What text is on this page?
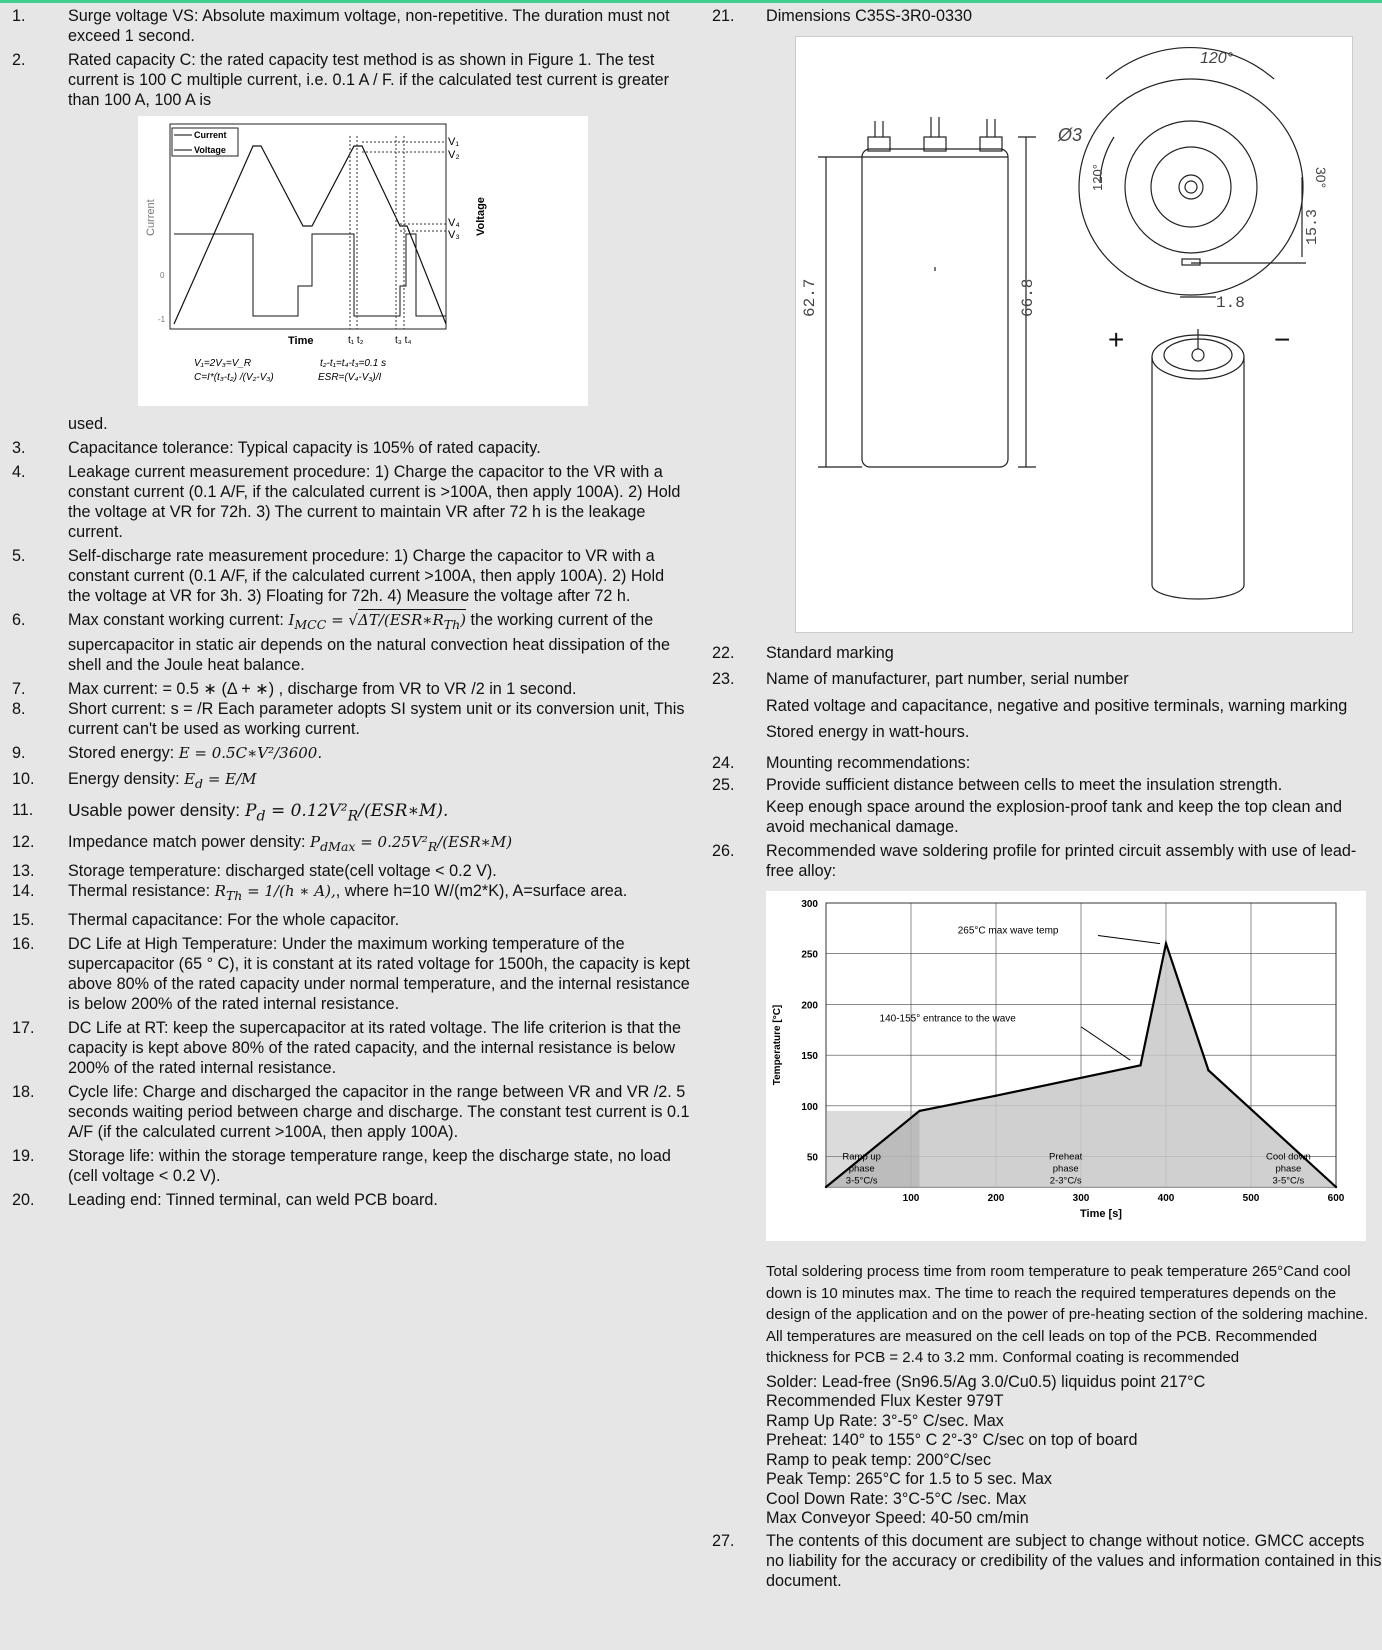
1.	Surge voltage VS: Absolute maximum voltage, non-repetitive. The duration must not exceed 1 second.
2.	Rated capacity C: the rated capacity test method is as shown in Figure 1. The test current is 100 C multiple current, i.e. 0.1 A / F. if the calculated test current is greater than 100 A, 100 A is
Current
Voltage
V₁
V₂
V₄
V₃
Current	Voltage
0
-1
Time	t₁ t₂	t₃ t₄
V₁=2V₃=V_R
C=I*(t₃-t₂) /(V₂-V₃)
t₂-t₁=t₄-t₃=0.1 s
ESR=(V₄-V₃)/I
used.
3.	Capacitance tolerance: Typical capacity is 105% of rated capacity.
4.	Leakage current measurement procedure: 1) Charge the capacitor to the VR with a constant current (0.1 A/F, if the calculated current is >100A, then apply 100A). 2) Hold the voltage at VR for 72h. 3) The current to maintain VR after 72 h is the leakage current.
5.	Self-discharge rate measurement procedure: 1) Charge the capacitor to VR with a constant current (0.1 A/F, if the calculated current >100A, then apply 100A). 2) Hold the voltage at VR for 3h. 3) Floating for 72h. 4) Measure the voltage after 72 h.
6.	Max constant working current: $I_{MCC}$ = $√\Delta T/(ESR∗R_{Th})$ the working current of the supercapacitor in static air depends on the natural convection heat dissipation of the shell and the Joule heat balance.
7.	Max current: = 0.5 ∗ (Δ + ∗) , discharge from VR to VR /2 in 1 second.
8.	Short current: s = /R Each parameter adopts SI system unit or its conversion unit, This current can't be used as working current.
9.	Stored energy: E = 0.5C∗V²/3600.
10. Energy density: $E_d = E/M$
11. Usable power density: $P_d$ = $0.12V^2_R/(ESR∗M)$.
12. Impedance match power density: $P_{dMax}$ = $0.25V^2_R/(ESR∗M)$
13. Storage temperature: discharged state(cell voltage < 0.2 V).
14. Thermal resistance: $R_{Th} = 1/(h$ ∗ A),, where h=10 W/(m2*K), A=surface area.
15. Thermal capacitance: For the whole capacitor.
16. DC Life at High Temperature: Under the maximum working temperature of the supercapacitor (65 ° C), it is constant at its rated voltage for 1500h, the capacity is kept above 80% of the rated capacity under normal temperature, and the internal resistance is below 200% of the rated internal resistance.
17. DC Life at RT: keep the supercapacitor at its rated voltage. The life criterion is that the capacity is kept above 80% of the rated capacity, and the internal resistance is below 200% of the rated internal resistance.
18. Cycle life: Charge and discharged the capacitor in the range between VR and VR /2. 5 seconds waiting period between charge and discharge. The constant test current is 0.1 A/F (if the calculated current >100A, then apply 100A).
19. Storage life: within the storage temperature range, keep the discharge state, no load (cell voltage < 0.2 V).
20. Leading end: Tinned terminal, can weld PCB board.
21. Dimensions C35S-3R0-0330
62.7	66.8
120°
Ø3
120°	30°
15.3
1.8
+	−
22. Standard marking
23. Name of manufacturer, part number, serial number
Rated voltage and capacitance, negative and positive terminals, warning marking
Stored energy in watt-hours.
24. Mounting recommendations:
25. Provide sufficient distance between cells to meet the insulation strength.
Keep enough space around the explosion-proof tank and keep the top clean and avoid mechanical damage.
26. Recommended wave soldering profile for printed circuit assembly with use of lead-free alloy:
100	200	300	400	500	600
50
100
150
200
250
300
Time [s]
Temperature [°C]
265°C max wave temp
140-155° entrance to the wave
Ramp up
phase
3-5°C/s
Preheat
phase
2-3°C/s
Cool down
phase
3-5°C/s
Total soldering process time from room temperature to peak temperature 265°Cand cool down is 10 minutes max. The time to reach the required temperatures depends on the design of the application and on the power of pre-heating section of the soldering machine. All temperatures are measured on the cell leads on top of the PCB. Recommended thickness for PCB = 2.4 to 3.2 mm. Conformal coating is recommended
Solder: Lead-free (Sn96.5/Ag 3.0/Cu0.5) liquidus point 217°C
Recommended Flux Kester 979T
Ramp Up Rate: 3°-5° C/sec. Max
Preheat: 140° to 155° C 2°-3° C/sec on top of board
Ramp to peak temp: 200°C/sec
Peak Temp: 265°C for 1.5 to 5 sec. Max
Cool Down Rate: 3°C-5°C /sec. Max
Max Conveyor Speed: 40-50 cm/min
27. The contents of this document are subject to change without notice. GMCC accepts no liability for the accuracy or credibility of the values and information contained in this document.
